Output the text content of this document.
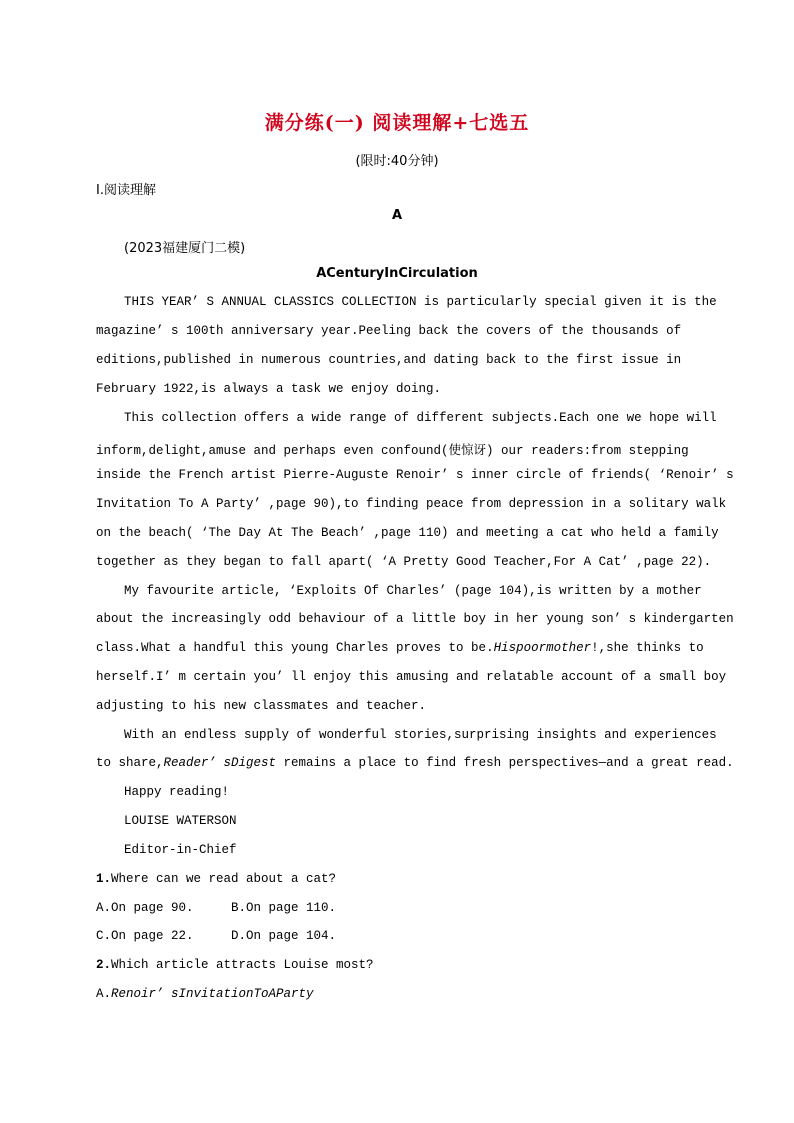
满分练(一) 阅读理解+七选五
(限时:40分钟)
Ⅰ.阅读理解
A
(2023福建厦门二模)
ACenturyInCirculation
THIS YEAR’ S ANNUAL CLASSICS COLLECTION is particularly special given it is the
magazine’ s 100th anniversary year.Peeling back the covers of the thousands of
editions,published in numerous countries,and dating back to the first issue in
February 1922,is always a task we enjoy doing.
This collection offers a wide range of different subjects.Each one we hope will
inform,delight,amuse and perhaps even confound(使惊讶) our readers:from stepping
inside the French artist Pierre-Auguste Renoir’ s inner circle of friends( ‘Renoir’ s
Invitation To A Party’ ,page 90),to finding peace from depression in a solitary walk
on the beach( ‘The Day At The Beach’ ,page 110) and meeting a cat who held a family
together as they began to fall apart( ‘A Pretty Good Teacher,For A Cat’ ,page 22).
My favourite article, ‘Exploits Of Charles’ (page 104),is written by a mother
about the increasingly odd behaviour of a little boy in her young son’ s kindergarten
class.What a handful this young Charles proves to be.Hispoormother!,she thinks to
herself.I’ m certain you’ ll enjoy this amusing and relatable account of a small boy
adjusting to his new classmates and teacher.
With an endless supply of wonderful stories,surprising insights and experiences
to share,Reader’ sDigest remains a place to find fresh perspectives—and a great read.
Happy reading!
LOUISE WATERSON
Editor-in-Chief
1.Where can we read about a cat?
A.On page 90.     B.On page 110.
C.On page 22.     D.On page 104.
2.Which article attracts Louise most?
A.Renoir’ sInvitationToAParty
